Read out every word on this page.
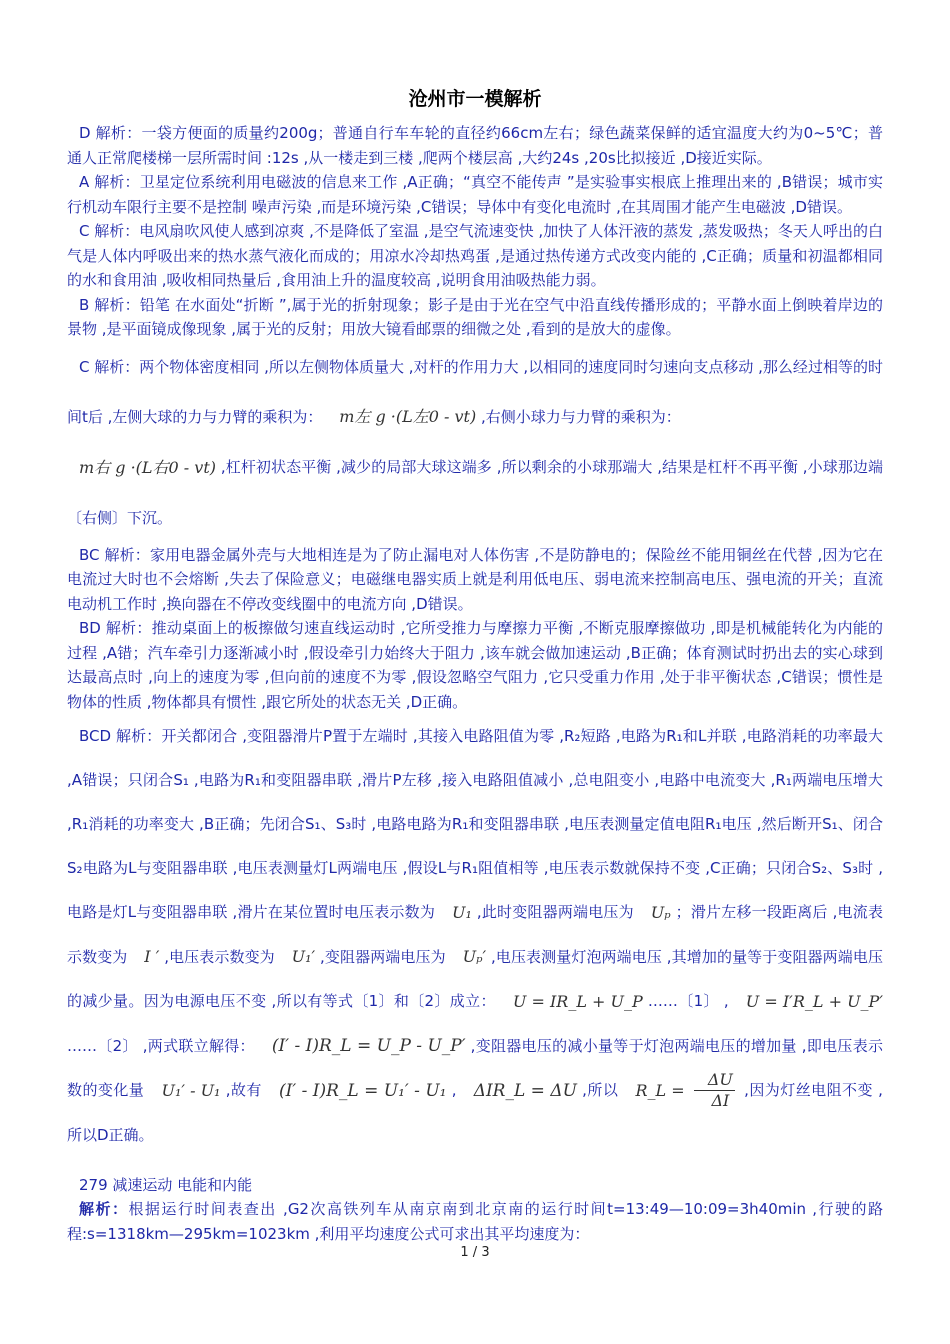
沧州市一模解析

D 解析：一袋方便面的质量约200g；普通自行车车轮的直径约66cm左右；绿色蔬菜保鲜的适宜温度大约为0~5℃；普通人正常爬楼梯一层所需时间 :12s ,从一楼走到三楼 ,爬两个楼层高 ,大约24s ,20s比拟接近 ,D接近实际。

A 解析：卫星定位系统利用电磁波的信息来工作 ,A正确；“真空不能传声 ”是实验事实根底上推理出来的 ,B错误；城市实行机动车限行主要不是控制 噪声污染 ,而是环境污染 ,C错误；导体中有变化电流时 ,在其周围才能产生电磁波 ,D错误。

C 解析：电风扇吹风使人感到凉爽 ,不是降低了室温 ,是空气流速变快 ,加快了人体汗液的蒸发 ,蒸发吸热；冬天人呼出的白气是人体内呼吸出来的热水蒸气液化而成的；用凉水冷却热鸡蛋 ,是通过热传递方式改变内能的 ,C正确；质量和初温都相同的水和食用油 ,吸收相同热量后 ,食用油上升的温度较高 ,说明食用油吸热能力弱。

B 解析：铅笔 在水面处“折断 ”,属于光的折射现象；影子是由于光在空气中沿直线传播形成的；平静水面上倒映着岸边的景物 ,是平面镜成像现象 ,属于光的反射；用放大镜看邮票的细微之处 ,看到的是放大的虚像。

C 解析：两个物体密度相同 ,所以左侧物体质量大 ,对杆的作用力大 ,以相同的速度同时匀速向支点移动 ,那么经过相等的时间t后 ,左侧大球的力与力臂的乘积为： m左 g ·(L左0 - vt) ,右侧小球力与力臂的乘积为：
m右 g ·(L右0 - vt) ,杠杆初状态平衡 ,减少的局部大球这端多 ,所以剩余的小球那端大 ,结果是杠杆不再平衡 ,小球那边端〔右侧〕下沉。

BC 解析：家用电器金属外壳与大地相连是为了防止漏电对人体伤害 ,不是防静电的；保险丝不能用铜丝在代替 ,因为它在电流过大时也不会熔断 ,失去了保险意义；电磁继电器实质上就是利用低电压、弱电流来控制高电压、强电流的开关；直流电动机工作时 ,换向器在不停改变线圈中的电流方向 ,D错误。

BD 解析：推动桌面上的板擦做匀速直线运动时 ,它所受推力与摩擦力平衡 ,不断克服摩擦做功 ,即是机械能转化为内能的过程 ,A错；汽车牵引力逐渐减小时 ,假设牵引力始终大于阻力 ,该车就会做加速运动 ,B正确；体育测试时扔出去的实心球到达最高点时 ,向上的速度为零 ,但向前的速度不为零 ,假设忽略空气阻力 ,它只受重力作用 ,处于非平衡状态 ,C错误；惯性是物体的性质 ,物体都具有惯性 ,跟它所处的状态无关 ,D正确。

BCD 解析：开关都闭合 ,变阻器滑片P置于左端时 ,其接入电路阻值为零 ,R₂短路 ,电路为R₁和L并联 ,电路消耗的功率最大 ,A错误；只闭合S₁ ,电路为R₁和变阻器串联 ,滑片P左移 ,接入电路阻值减小 ,总电阻变小 ,电路中电流变大 ,R₁两端电压增大 ,R₁消耗的功率变大 ,B正确；先闭合S₁、S₃时 ,电路电路为R₁和变阻器串联 ,电压表测量定值电阻R₁电压 ,然后断开S₁、闭合S₂电路为L与变阻器串联 ,电压表测量灯L两端电压 ,假设L与R₁阻值相等 ,电压表示数就保持不变 ,C正确；只闭合S₂、S₃时 ,电路是灯L与变阻器串联 ,滑片在某位置时电压表示数为 U₁ ,此时变阻器两端电压为 Uₚ ；滑片左移一段距离后 ,电流表示数变为 I ′ ,电压表示数变为 U₁′ ,变阻器两端电压为 Uₚ′ ,电压表测量灯泡两端电压 ,其增加的量等于变阻器两端电压的减少量。因为电源电压不变 ,所以有等式〔1〕和〔2〕成立： U = IR_L + U_P ……〔1〕 , U = I′R_L + U_P′ ……〔2〕 ,两式联立解得： (I′ - I)R_L = U_P - U_P′ ,变阻器电压的减小量等于灯泡两端电压的增加量 ,即电压表示数的变化量 U₁′ - U₁ ,故有 (I′ - I)R_L = U₁′ - U₁ , ΔIR_L = ΔU ,所以 R_L = $\frac{\Delta U}{\Delta I}$ ,因为灯丝电阻不变 ,所以D正确。

279 减速运动 电能和内能

解析：根据运行时间表查出 ,G2次高铁列车从南京南到北京南的运行时间t=13:49—10:09=3h40min ,行驶的路程:s=1318km—295km=1023km ,利用平均速度公式可求出其平均速度为：

1 / 3
